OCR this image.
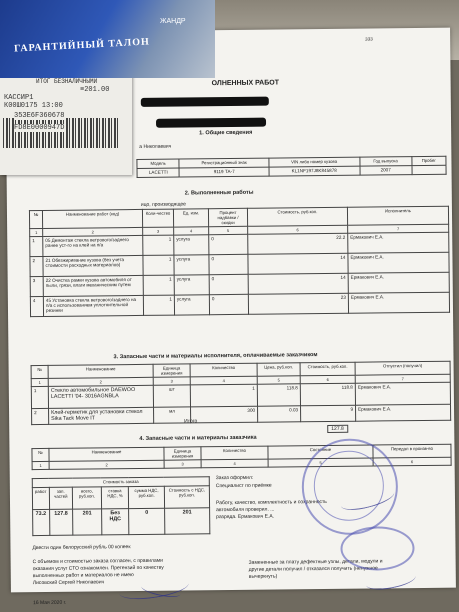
333
ОЛНЕННЫХ РАБОТ
1. Общие сведения
а Николаевич
Модель	Регистрационный знак	VIN либо номер кузова	Год выпуска	Пробег
LACETTI	9119 ТА-7	KL1NF197J8K845878	2007	
2. Выполненные работы
ицо, производящее
№	Наименование работ (код)	Коли-чество	Ед. изм.	Процент надбавки / скидки	Стоимость, руб.коп.	Исполнитель
1	2	3	4	5	6	7
1	05 Демонтаж стекла ветрового/заднего ранее уст-го на клей на п/а	1	услуга	0	22.2	Ермакович Е.А.
2	21 Обезжиривание кузова (без учета стоимости расходных материалов)	1	услуга	0	14	Ермакович Е.А.
3	22 Очистка рамки кузова автомобиля от пыли, грязи, влаги механическим путем	1	услуга	0	14	Ермакович Е.А.
4	45 Установка стекла ветрового/заднего на п/а с использованием уплотнительной резинки	1	услуга	0	23	Ермакович Е.А.
3. Запасные части и материалы исполнителя, оплачиваемые заказчиком
№	Наименование	Единица измерения	Количество	Цена, руб.коп.	Стоимость, руб.коп.	Отпустил (получил)
1	2	3	4	5	6	7
1	Стекло автомобильное DAEWOO LACETTI '04- 3016AGNBLA	шт	1	118.8	118.8	Ермакович Е.А.
2	Клей-герметик для установки стекол Sika Tack Move IT	мл	300	0.03	9	Ермакович Е.А.
Итого
127.8
4. Запасные части и материалы заказчика
№	Наименование	Единица измерения	Количество	Состояние	Передал в произв-во
1	2	3	4	5	6
Стоимость заказа					
работ	зап. частей	всего, руб.коп.	ставка НДС, %	сумма НДС, руб.коп.	Стоимость с НДС, руб.коп.
73.2	127.8	201	Без НДС	0	201
Заказ оформил:
Специалист по приёмке
Работу, качество, комплектность и сохранность
автомобиля проверил. ...
разряда. Ермакович Е.А.
Двести один белорусский рубль 00 копеек
С объемом и стоимостью заказа согласен, с правилами
оказания услуг СТО ознакомлен. Претензий по качеству
выполненных работ и материалов не имею
Лисовский Сергей Николаевич
16 Мая 2020 г.
Замененные за плату дефектные узлы, детали, модули и
другие детали получил / отказался получить (ненужное
вычеркнуть)
ГАРАНТИЙНЫЙ ТАЛОН
ЖАНДР
ИТОГ БЕЗНАЛИЧНЫМИ
≡201.00
КАССИР1
К00Ш0175 13:00
35ЗЕ6F360678
FD8E0000947D
